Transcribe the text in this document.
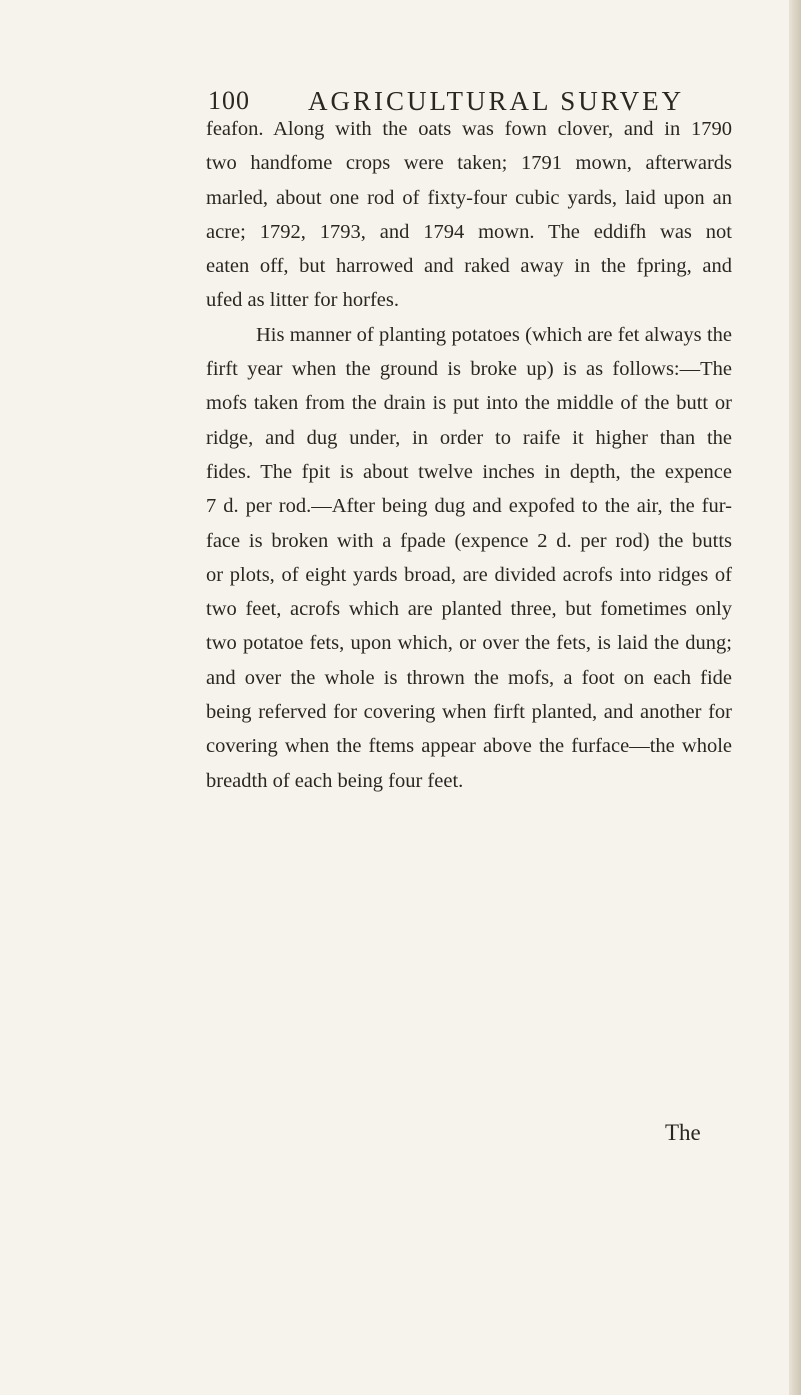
100 AGRICULTURAL SURVEY
feafon. Along with the oats was fown clover, and in 1790
two handfome crops were taken; 1791 mown, afterwards
marled, about one rod of fixty-four cubic yards, laid upon an
acre; 1792, 1793, and 1794 mown. The eddifh was not
eaten off, but harrowed and raked away in the fpring, and
ufed as litter for horfes.
His manner of planting potatoes (which are fet always the
firft year when the ground is broke up) is as follows:—The
mofs taken from the drain is put into the middle of the butt or
ridge, and dug under, in order to raife it higher than the
fides. The fpit is about twelve inches in depth, the expence
7 d. per rod.—After being dug and expofed to the air, the fur-
face is broken with a fpade (expence 2 d. per rod) the butts
or plots, of eight yards broad, are divided acrofs into ridges of
two feet, acrofs which are planted three, but fometimes only
two potatoe fets, upon which, or over the fets, is laid the dung;
and over the whole is thrown the mofs, a foot on each fide
being referved for covering when firft planted, and another for
covering when the ftems appear above the furface—the whole
breadth of each being four feet.
The
